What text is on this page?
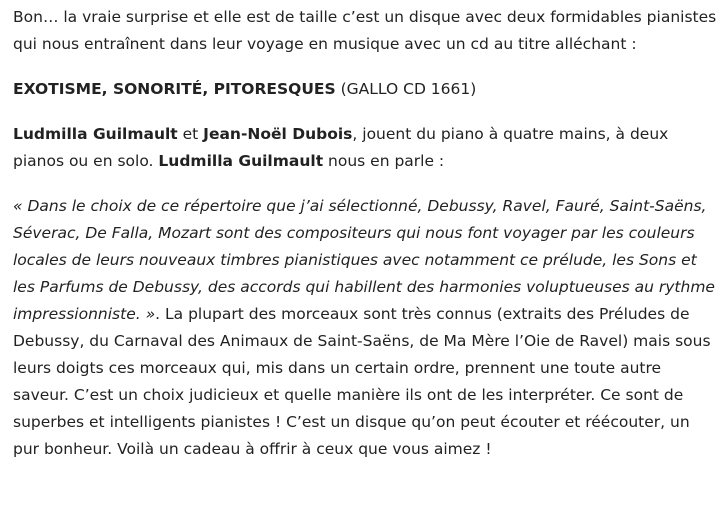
Bon… la vraie surprise et elle est de taille c’est un disque avec deux formidables pianistes qui nous entraînent dans leur voyage en musique avec un cd au titre alléchant :

EXOTISME, SONORITÉ, PITORESQUES (GALLO CD 1661)

Ludmilla Guilmault et Jean-Noël Dubois, jouent du piano à quatre mains, à deux pianos ou en solo. Ludmilla Guilmault nous en parle :

« Dans le choix de ce répertoire que j’ai sélectionné, Debussy, Ravel, Fauré, Saint-Saëns, Séverac, De Falla, Mozart sont des compositeurs qui nous font voyager par les couleurs locales de leurs nouveaux timbres pianistiques avec notamment ce prélude, les Sons et les Parfums de Debussy, des accords qui habillent des harmonies voluptueuses au rythme impressionniste. ». La plupart des morceaux sont très connus (extraits des Préludes de Debussy, du Carnaval des Animaux de Saint-Saëns, de Ma Mère l’Oie de Ravel) mais sous leurs doigts ces morceaux qui, mis dans un certain ordre, prennent une toute autre saveur. C’est un choix judicieux et quelle manière ils ont de les interpréter. Ce sont de superbes et intelligents pianistes ! C’est un disque qu’on peut écouter et réécouter, un pur bonheur. Voilà un cadeau à offrir à ceux que vous aimez !
